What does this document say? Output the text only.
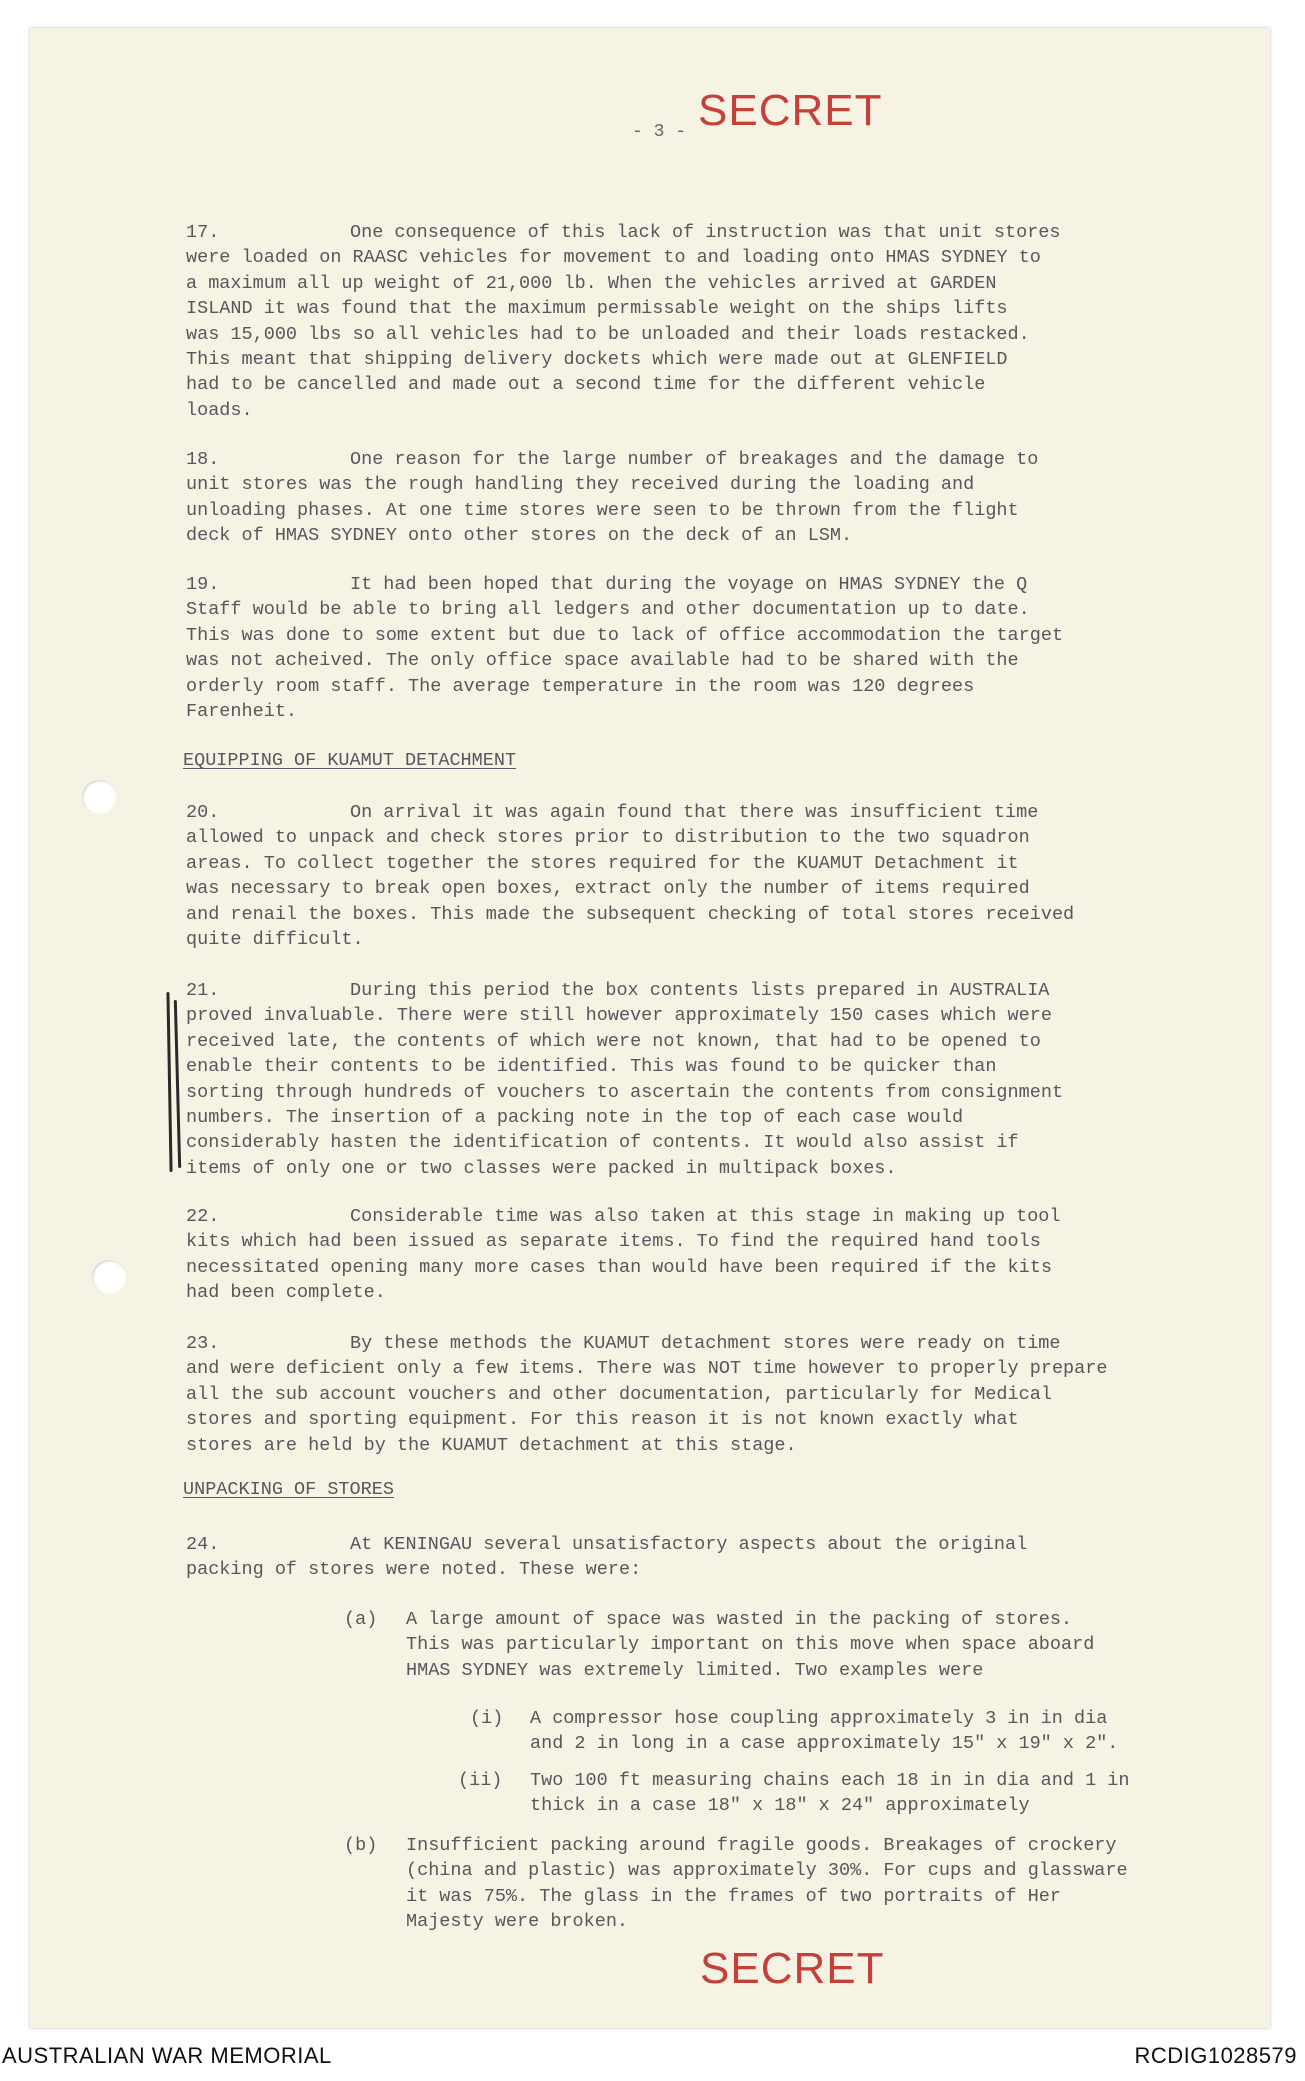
SECRET
- 3 -
17.	One consequence of this lack of instruction was that unit stores
were loaded on RAASC vehicles for movement to and loading onto HMAS SYDNEY to
a maximum all up weight of 21,000 lb. When the vehicles arrived at GARDEN
ISLAND it was found that the maximum permissable weight on the ships lifts
was 15,000 lbs so all vehicles had to be unloaded and their loads restacked.
This meant that shipping delivery dockets which were made out at GLENFIELD
had to be cancelled and made out a second time for the different vehicle
loads.
18.	One reason for the large number of breakages and the damage to
unit stores was the rough handling they received during the loading and
unloading phases. At one time stores were seen to be thrown from the flight
deck of HMAS SYDNEY onto other stores on the deck of an LSM.
19.	It had been hoped that during the voyage on HMAS SYDNEY the Q
Staff would be able to bring all ledgers and other documentation up to date.
This was done to some extent but due to lack of office accommodation the target
was not acheived. The only office space available had to be shared with the
orderly room staff. The average temperature in the room was 120 degrees
Farenheit.
EQUIPPING OF KUAMUT DETACHMENT
20.	On arrival it was again found that there was insufficient time
allowed to unpack and check stores prior to distribution to the two squadron
areas. To collect together the stores required for the KUAMUT Detachment it
was necessary to break open boxes, extract only the number of items required
and renail the boxes. This made the subsequent checking of total stores received
quite difficult.
21.	During this period the box contents lists prepared in AUSTRALIA
proved invaluable. There were still however approximately 150 cases which were
received late, the contents of which were not known, that had to be opened to
enable their contents to be identified. This was found to be quicker than
sorting through hundreds of vouchers to ascertain the contents from consignment
numbers. The insertion of a packing note in the top of each case would
considerably hasten the identification of contents. It would also assist if
items of only one or two classes were packed in multipack boxes.
22.	Considerable time was also taken at this stage in making up tool
kits which had been issued as separate items. To find the required hand tools
necessitated opening many more cases than would have been required if the kits
had been complete.
23.	By these methods the KUAMUT detachment stores were ready on time
and were deficient only a few items. There was NOT time however to properly prepare
all the sub account vouchers and other documentation, particularly for Medical
stores and sporting equipment. For this reason it is not known exactly what
stores are held by the KUAMUT detachment at this stage.
UNPACKING OF STORES
24.	At KENINGAU several unsatisfactory aspects about the original
packing of stores were noted. These were:
(a) A large amount of space was wasted in the packing of stores.
This was particularly important on this move when space aboard
HMAS SYDNEY was extremely limited. Two examples were
(i) A compressor hose coupling approximately 3 in in dia
and 2 in long in a case approximately 15" x 19" x 2".
(ii) Two 100 ft measuring chains each 18 in in dia and 1 in
thick in a case 18" x 18" x 24" approximately
(b) Insufficient packing around fragile goods. Breakages of crockery
(china and plastic) was approximately 30%. For cups and glassware
it was 75%. The glass in the frames of two portraits of Her
Majesty were broken.
SECRET
AUSTRALIAN WAR MEMORIAL	RCDIG1028579
